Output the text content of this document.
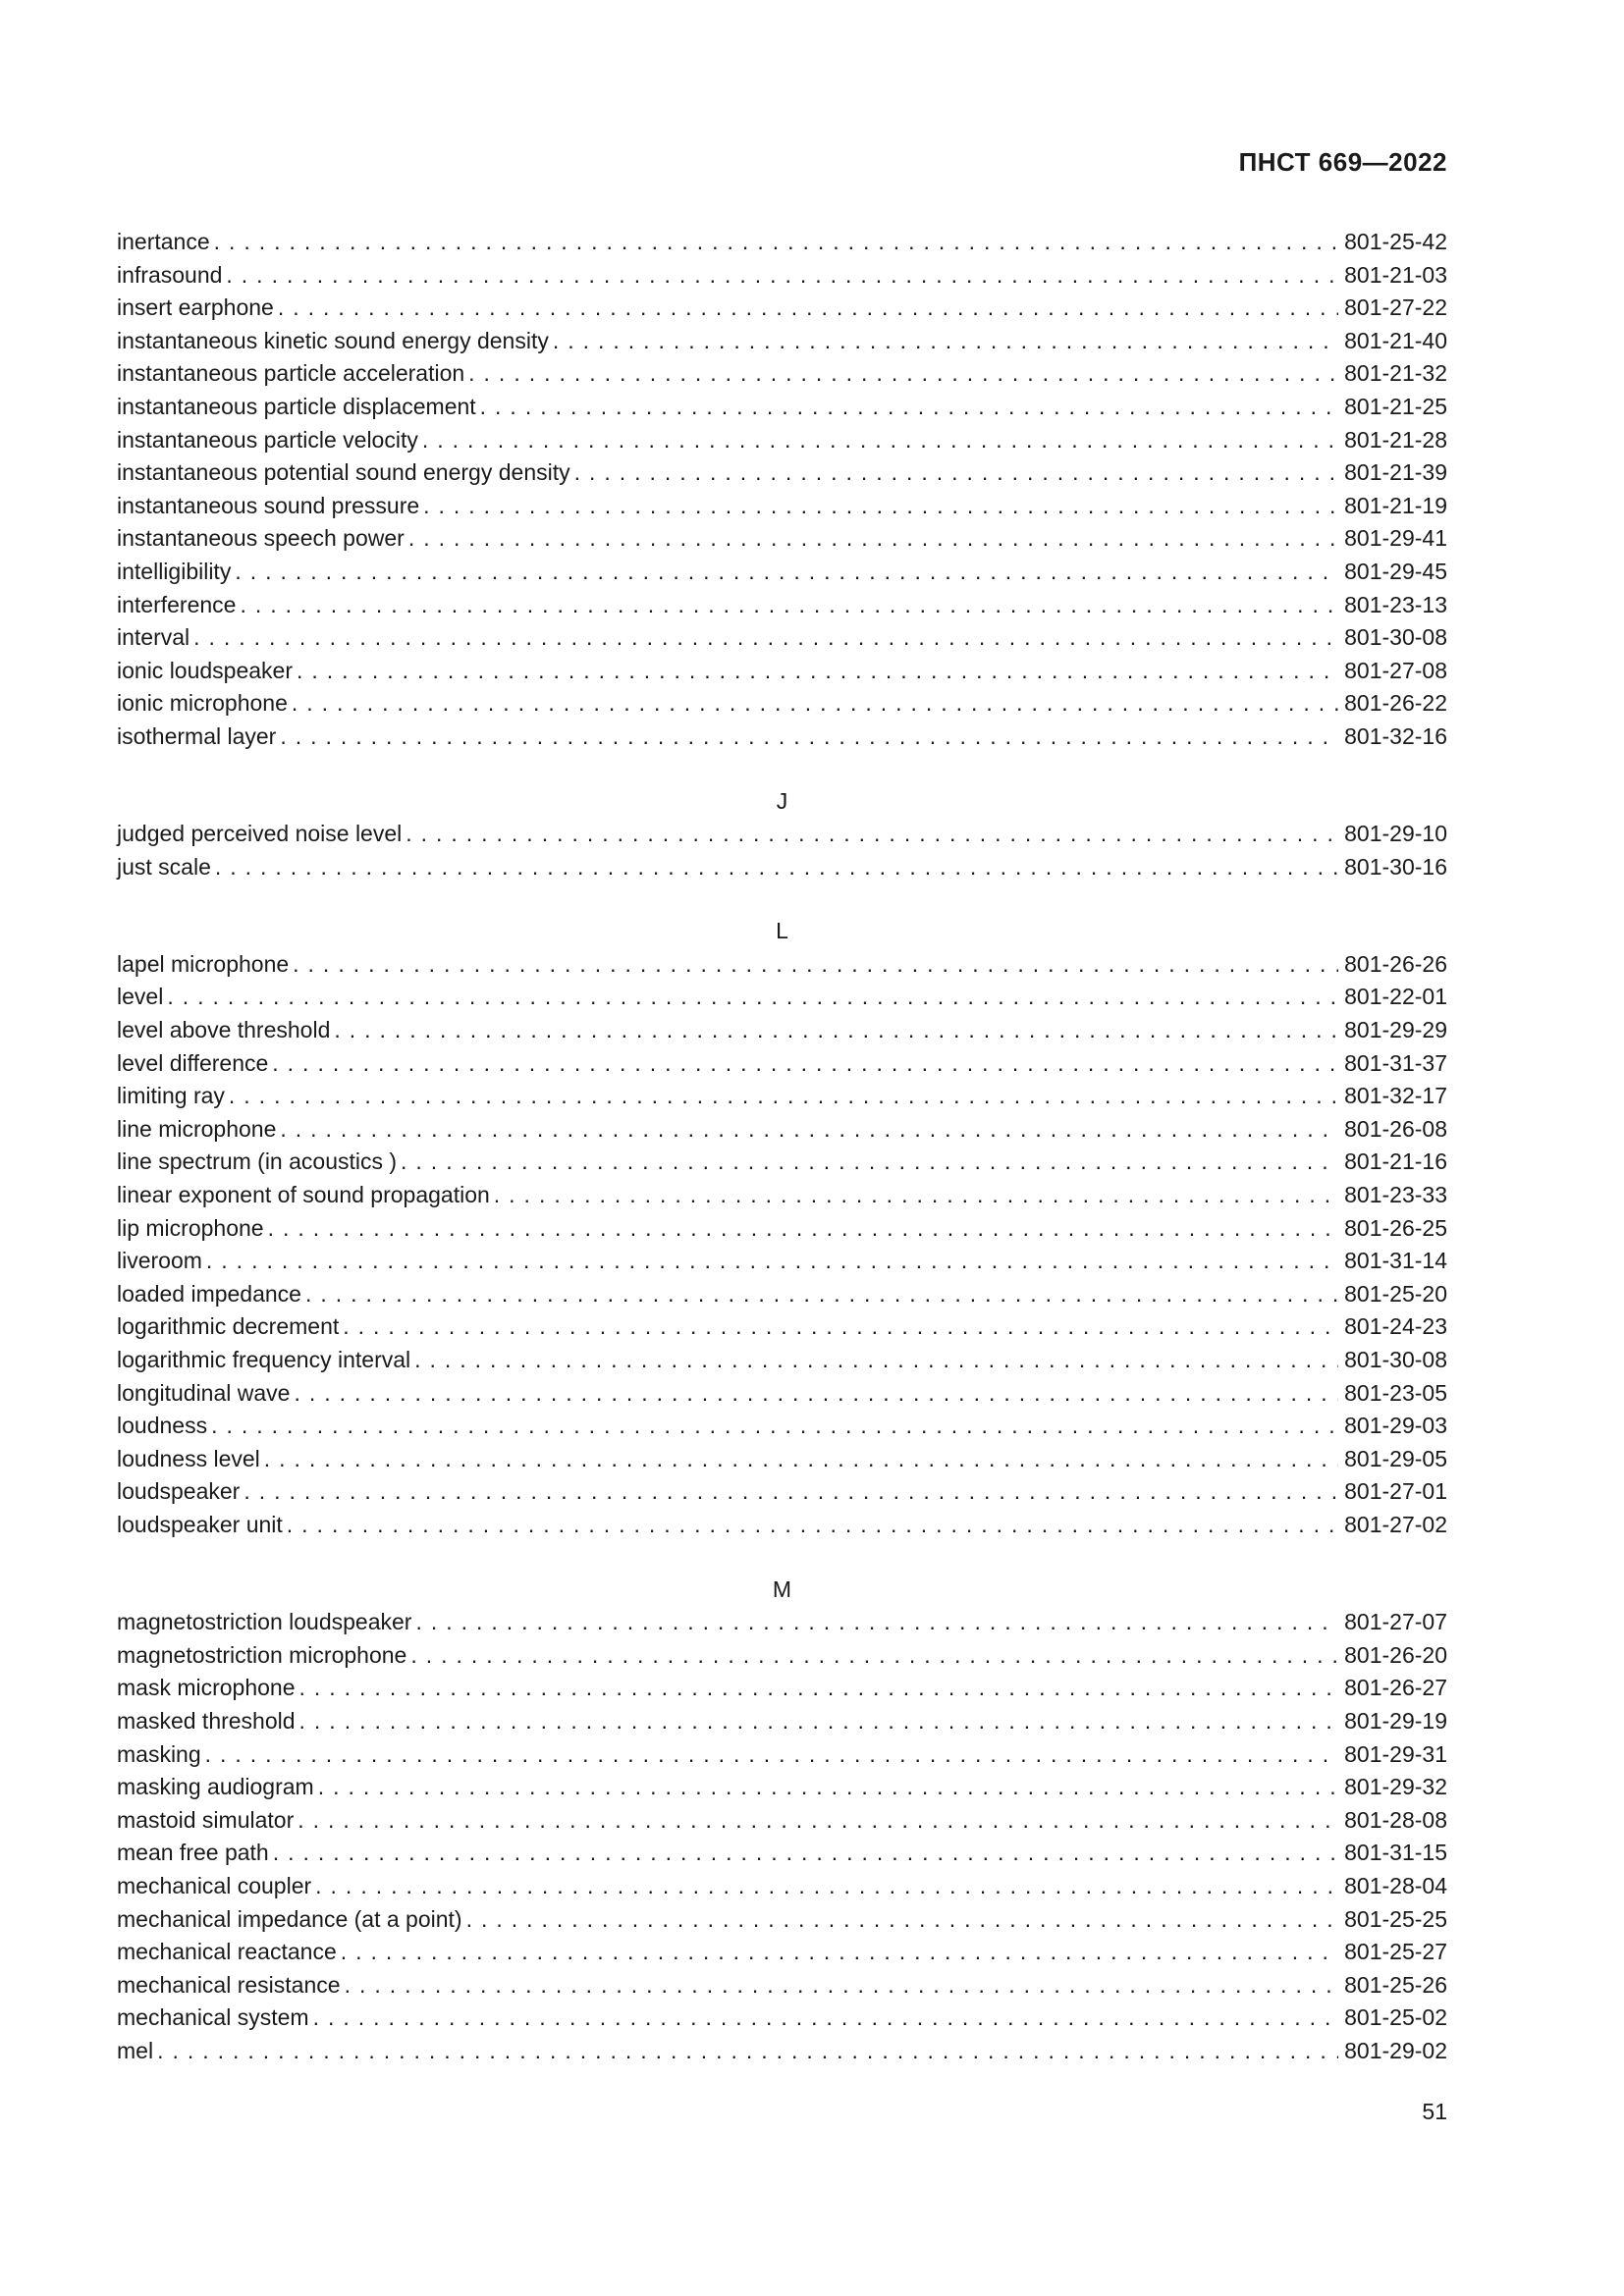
ПНСТ 669—2022
inertance . . .	801-25-42
infrasound . . .	801-21-03
insert earphone . . .	801-27-22
instantaneous kinetic sound energy density . . .	801-21-40
instantaneous particle acceleration . . .	801-21-32
instantaneous particle displacement . . .	801-21-25
instantaneous particle velocity . . .	801-21-28
instantaneous potential sound energy density . . .	801-21-39
instantaneous sound pressure . . .	801-21-19
instantaneous speech power . . .	801-29-41
intelligibility . . .	801-29-45
interference . . .	801-23-13
interval . . .	801-30-08
ionic loudspeaker . . .	801-27-08
ionic microphone . . .	801-26-22
isothermal layer . . .	801-32-16
J
judged perceived noise level . . .	801-29-10
just scale . . .	801-30-16
L
lapel microphone . . .	801-26-26
level . . .	801-22-01
level above threshold . . .	801-29-29
level difference . . .	801-31-37
limiting ray . . .	801-32-17
line microphone . . .	801-26-08
line spectrum (in acoustics ) . . .	801-21-16
linear exponent of sound propagation . . .	801-23-33
lip microphone . . .	801-26-25
liveroom . . .	801-31-14
loaded impedance . . .	801-25-20
logarithmic decrement . . .	801-24-23
logarithmic frequency interval . . .	801-30-08
longitudinal wave . . .	801-23-05
loudness . . .	801-29-03
loudness level . . .	801-29-05
loudspeaker . . .	801-27-01
loudspeaker unit . . .	801-27-02
M
magnetostriction loudspeaker . . .	801-27-07
magnetostriction microphone . . .	801-26-20
mask microphone . . .	801-26-27
masked threshold . . .	801-29-19
masking . . .	801-29-31
masking audiogram . . .	801-29-32
mastoid simulator . . .	801-28-08
mean free path . . .	801-31-15
mechanical coupler . . .	801-28-04
mechanical impedance (at a point) . . .	801-25-25
mechanical reactance . . .	801-25-27
mechanical resistance . . .	801-25-26
mechanical system . . .	801-25-02
mel . . .	801-29-02
51
